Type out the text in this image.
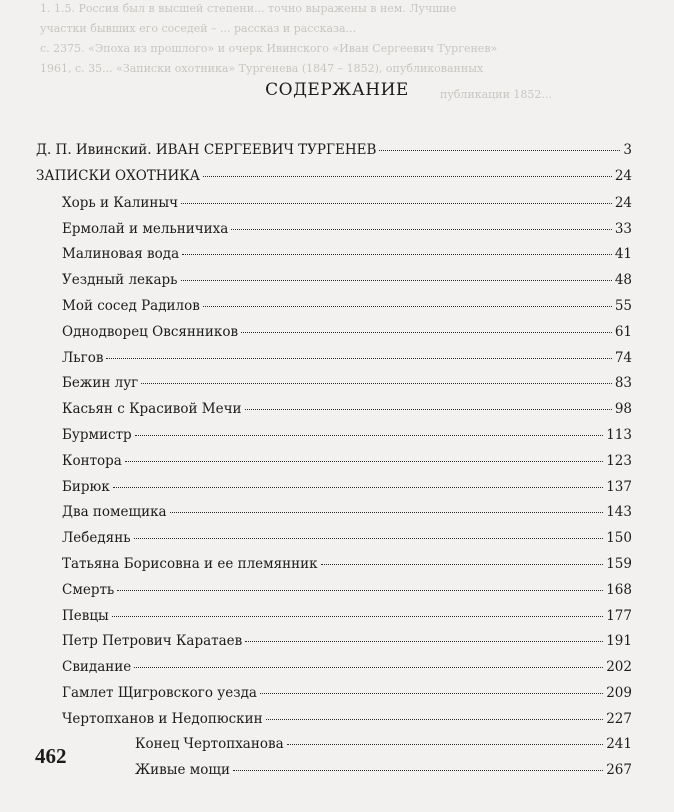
1. 1.5. Россия был в высшей степени... точно выражены в нем. Лучшие
участки бывших его соседей – ... рассказ и рассказа...
с. 2375. «Эпоха из прошлого» и очерк Ивинского «Иван Сергеевич Тургенев»
1961, с. 35... «Записки охотника» Тургенева (1847 – 1852), опубликованных
публикации 1852...
СОДЕРЖАНИЕ
Д. П. Ивинский. ИВАН СЕРГЕЕВИЧ ТУРГЕНЕВ	3
ЗАПИСКИ ОХОТНИКА	24
Хорь и Калиныч	24
Ермолай и мельничиха	33
Малиновая вода	41
Уездный лекарь	48
Мой сосед Радилов	55
Однодворец Овсянников	61
Льгов	74
Бежин луг	83
Касьян с Красивой Мечи	98
Бурмистр	113
Контора	123
Бирюк	137
Два помещика	143
Лебедянь	150
Татьяна Борисовна и ее племянник	159
Смерть	168
Певцы	177
Петр Петрович Каратаев	191
Свидание	202
Гамлет Щигровского уезда	209
Чертопханов и Недопюскин	227
Конец Чертопханова	241
Живые мощи	267
462
